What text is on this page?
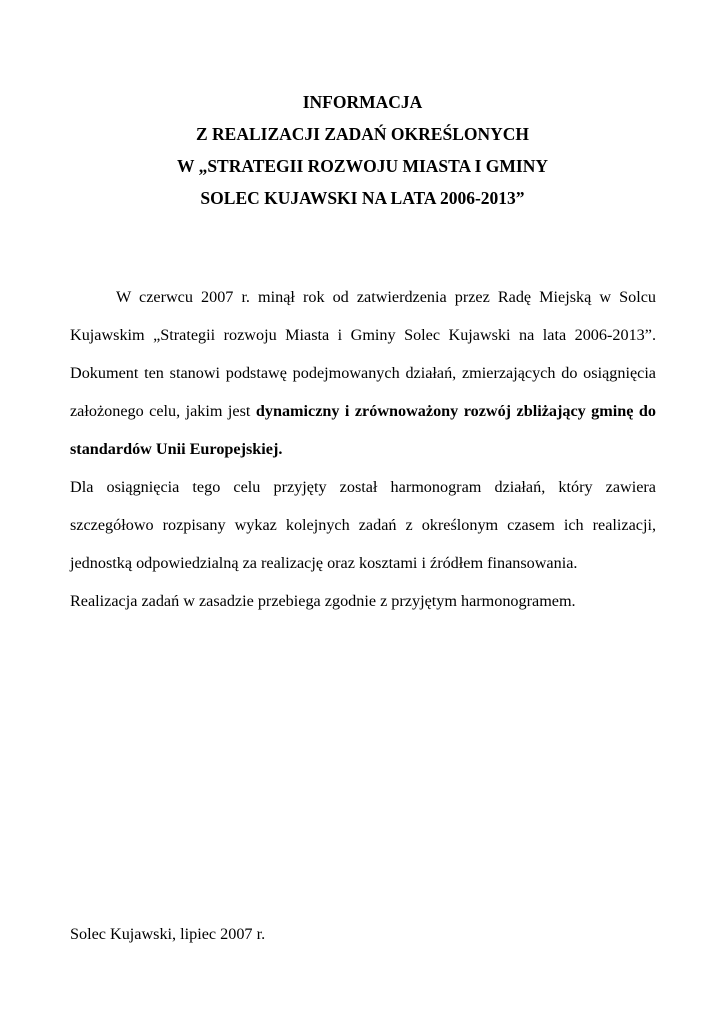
INFORMACJA
Z REALIZACJI ZADAŃ OKREŚLONYCH
W „STRATEGII ROZWOJU MIASTA I GMINY
SOLEC KUJAWSKI NA LATA 2006-2013”

W czerwcu 2007 r. minął rok od zatwierdzenia przez Radę Miejską w Solcu Kujawskim „Strategii rozwoju Miasta i Gminy Solec Kujawski na lata 2006-2013”. Dokument ten stanowi podstawę podejmowanych działań, zmierzających do osiągnięcia założonego celu, jakim jest dynamiczny i zrównoważony rozwój zbliżający gminę do standardów Unii Europejskiej.

Dla osiągnięcia tego celu przyjęty został harmonogram działań, który zawiera szczegółowo rozpisany wykaz kolejnych zadań z określonym czasem ich realizacji, jednostką odpowiedzialną za realizację oraz kosztami i źródłem finansowania.

Realizacja zadań w zasadzie przebiega zgodnie z przyjętym harmonogramem.

Solec Kujawski, lipiec 2007 r.
